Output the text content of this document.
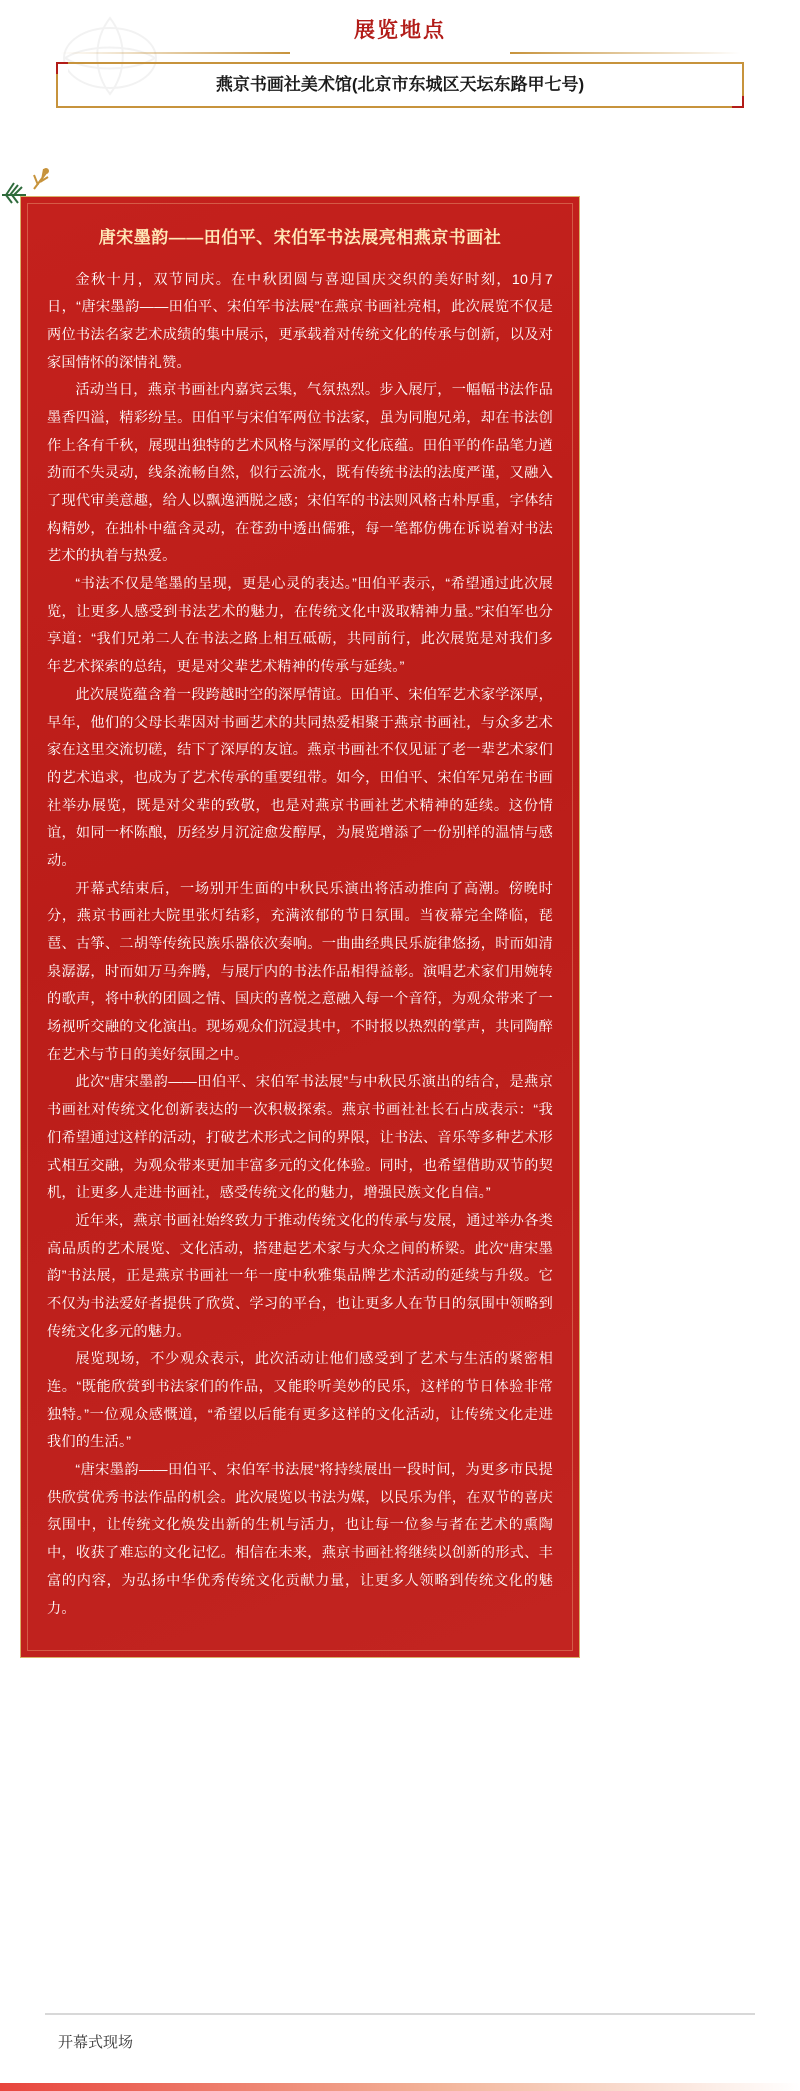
展览地点
燕京书画社美术馆(北京市东城区天坛东路甲七号)
唐宋墨韵——田伯平、宋伯军书法展亮相燕京书画社

金秋十月，双节同庆。在中秋团圆与喜迎国庆交织的美好时刻，10月7日，“唐宋墨韵——田伯平、宋伯军书法展”在燕京书画社亮相，此次展览不仅是两位书法名家艺术成绩的集中展示，更承载着对传统文化的传承与创新，以及对家国情怀的深情礼赞。

活动当日，燕京书画社内嘉宾云集，气氛热烈。步入展厅，一幅幅书法作品墨香四溢，精彩纷呈。田伯平与宋伯军两位书法家，虽为同胞兄弟，却在书法创作上各有千秋，展现出独特的艺术风格与深厚的文化底蕴。田伯平的作品笔力遒劲而不失灵动，线条流畅自然，似行云流水，既有传统书法的法度严谨，又融入了现代审美意趣，给人以飘逸洒脱之感；宋伯军的书法则风格古朴厚重，字体结构精妙，在拙朴中蕴含灵动，在苍劲中透出儒雅，每一笔都仿佛在诉说着对书法艺术的执着与热爱。

“书法不仅是笔墨的呈现，更是心灵的表达。”田伯平表示，“希望通过此次展览，让更多人感受到书法艺术的魅力，在传统文化中汲取精神力量。”宋伯军也分享道：“我们兄弟二人在书法之路上相互砥砺，共同前行，此次展览是对我们多年艺术探索的总结，更是对父辈艺术精神的传承与延续。”

此次展览蕴含着一段跨越时空的深厚情谊。田伯平、宋伯军艺术家学深厚，早年，他们的父母长辈因对书画艺术的共同热爱相聚于燕京书画社，与众多艺术家在这里交流切磋，结下了深厚的友谊。燕京书画社不仅见证了老一辈艺术家们的艺术追求，也成为了艺术传承的重要纽带。如今，田伯平、宋伯军兄弟在书画社举办展览，既是对父辈的致敬，也是对燕京书画社艺术精神的延续。这份情谊，如同一杯陈酿，历经岁月沉淀愈发醇厚，为展览增添了一份别样的温情与感动。

开幕式结束后，一场别开生面的中秋民乐演出将活动推向了高潮。傍晚时分，燕京书画社大院里张灯结彩，充满浓郁的节日氛围。当夜幕完全降临，琵琶、古筝、二胡等传统民族乐器依次奏响。一曲曲经典民乐旋律悠扬，时而如清泉潺潺，时而如万马奔腾，与展厅内的书法作品相得益彰。演唱艺术家们用婉转的歌声，将中秋的团圆之情、国庆的喜悦之意融入每一个音符，为观众带来了一场视听交融的文化演出。现场观众们沉浸其中，不时报以热烈的掌声，共同陶醉在艺术与节日的美好氛围之中。

此次“唐宋墨韵——田伯平、宋伯军书法展”与中秋民乐演出的结合，是燕京书画社对传统文化创新表达的一次积极探索。燕京书画社社长石占成表示：“我们希望通过这样的活动，打破艺术形式之间的界限，让书法、音乐等多种艺术形式相互交融，为观众带来更加丰富多元的文化体验。同时，也希望借助双节的契机，让更多人走进书画社，感受传统文化的魅力，增强民族文化自信。”

近年来，燕京书画社始终致力于推动传统文化的传承与发展，通过举办各类高品质的艺术展览、文化活动，搭建起艺术家与大众之间的桥梁。此次“唐宋墨韵”书法展，正是燕京书画社一年一度中秋雅集品牌艺术活动的延续与升级。它不仅为书法爱好者提供了欣赏、学习的平台，也让更多人在节日的氛围中领略到传统文化多元的魅力。

展览现场，不少观众表示，此次活动让他们感受到了艺术与生活的紧密相连。“既能欣赏到书法家们的作品，又能聆听美妙的民乐，这样的节日体验非常独特。”一位观众感慨道，“希望以后能有更多这样的文化活动，让传统文化走进我们的生活。”

“唐宋墨韵——田伯平、宋伯军书法展”将持续展出一段时间，为更多市民提供欣赏优秀书法作品的机会。此次展览以书法为媒，以民乐为伴，在双节的喜庆氛围中，让传统文化焕发出新的生机与活力，也让每一位参与者在艺术的熏陶中，收获了难忘的文化记忆。相信在未来，燕京书画社将继续以创新的形式、丰富的内容，为弘扬中华优秀传统文化贡献力量，让更多人领略到传统文化的魅力。

开幕式现场
